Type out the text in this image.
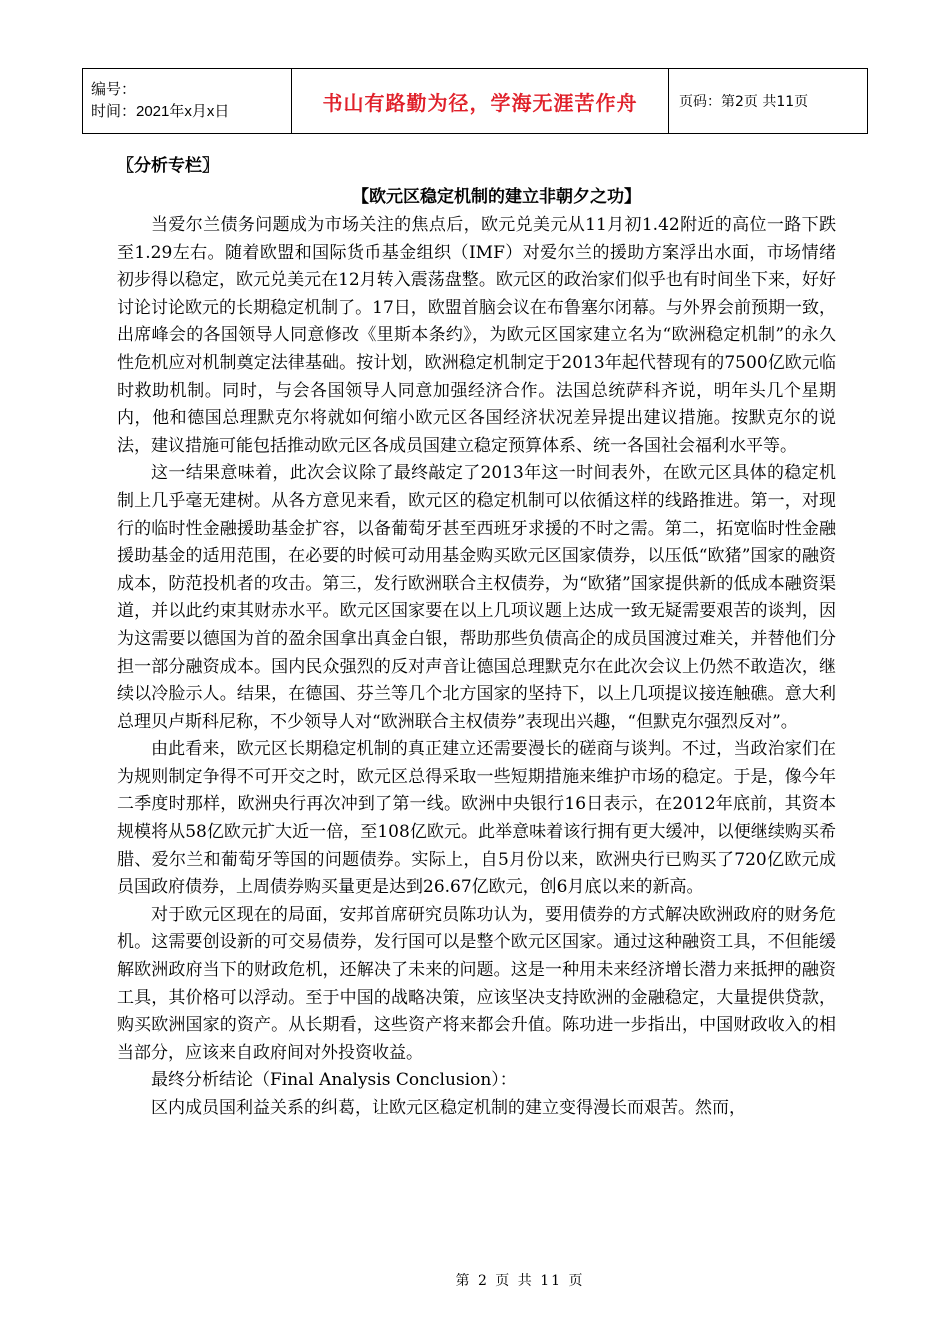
编号：
时间：2021年x月x日	书山有路勤为径，学海无涯苦作舟	页码：第2页 共11页

〖分析专栏〗

【欧元区稳定机制的建立非朝夕之功】

当爱尔兰债务问题成为市场关注的焦点后，欧元兑美元从11月初1.42附近的高位一路下跌至1.29左右。随着欧盟和国际货币基金组织（IMF）对爱尔兰的援助方案浮出水面，市场情绪初步得以稳定，欧元兑美元在12月转入震荡盘整。欧元区的政治家们似乎也有时间坐下来，好好讨论讨论欧元的长期稳定机制了。17日，欧盟首脑会议在布鲁塞尔闭幕。与外界会前预期一致，出席峰会的各国领导人同意修改《里斯本条约》，为欧元区国家建立名为“欧洲稳定机制”的永久性危机应对机制奠定法律基础。按计划，欧洲稳定机制定于2013年起代替现有的7500亿欧元临时救助机制。同时，与会各国领导人同意加强经济合作。法国总统萨科齐说，明年头几个星期内，他和德国总理默克尔将就如何缩小欧元区各国经济状况差异提出建议措施。按默克尔的说法，建议措施可能包括推动欧元区各成员国建立稳定预算体系、统一各国社会福利水平等。

这一结果意味着，此次会议除了最终敲定了2013年这一时间表外，在欧元区具体的稳定机制上几乎毫无建树。从各方意见来看，欧元区的稳定机制可以依循这样的线路推进。第一，对现行的临时性金融援助基金扩容，以备葡萄牙甚至西班牙求援的不时之需。第二，拓宽临时性金融援助基金的适用范围，在必要的时候可动用基金购买欧元区国家债券，以压低“欧猪”国家的融资成本，防范投机者的攻击。第三，发行欧洲联合主权债券，为“欧猪”国家提供新的低成本融资渠道，并以此约束其财赤水平。欧元区国家要在以上几项议题上达成一致无疑需要艰苦的谈判，因为这需要以德国为首的盈余国拿出真金白银，帮助那些负债高企的成员国渡过难关，并替他们分担一部分融资成本。国内民众强烈的反对声音让德国总理默克尔在此次会议上仍然不敢造次，继续以冷脸示人。结果，在德国、芬兰等几个北方国家的坚持下，以上几项提议接连触礁。意大利总理贝卢斯科尼称，不少领导人对“欧洲联合主权债券”表现出兴趣，“但默克尔强烈反对”。

由此看来，欧元区长期稳定机制的真正建立还需要漫长的磋商与谈判。不过，当政治家们在为规则制定争得不可开交之时，欧元区总得采取一些短期措施来维护市场的稳定。于是，像今年二季度时那样，欧洲央行再次冲到了第一线。欧洲中央银行16日表示，在2012年底前，其资本规模将从58亿欧元扩大近一倍，至108亿欧元。此举意味着该行拥有更大缓冲，以便继续购买希腊、爱尔兰和葡萄牙等国的问题债券。实际上，自5月份以来，欧洲央行已购买了720亿欧元成员国政府债券，上周债券购买量更是达到26.67亿欧元，创6月底以来的新高。

对于欧元区现在的局面，安邦首席研究员陈功认为，要用债券的方式解决欧洲政府的财务危机。这需要创设新的可交易债券，发行国可以是整个欧元区国家。通过这种融资工具，不但能缓解欧洲政府当下的财政危机，还解决了未来的问题。这是一种用未来经济增长潜力来抵押的融资工具，其价格可以浮动。至于中国的战略决策，应该坚决支持欧洲的金融稳定，大量提供贷款，购买欧洲国家的资产。从长期看，这些资产将来都会升值。陈功进一步指出，中国财政收入的相当部分，应该来自政府间对外投资收益。

最终分析结论（Final Analysis Conclusion）：

区内成员国利益关系的纠葛，让欧元区稳定机制的建立变得漫长而艰苦。然而，

第 2 页 共 11 页
